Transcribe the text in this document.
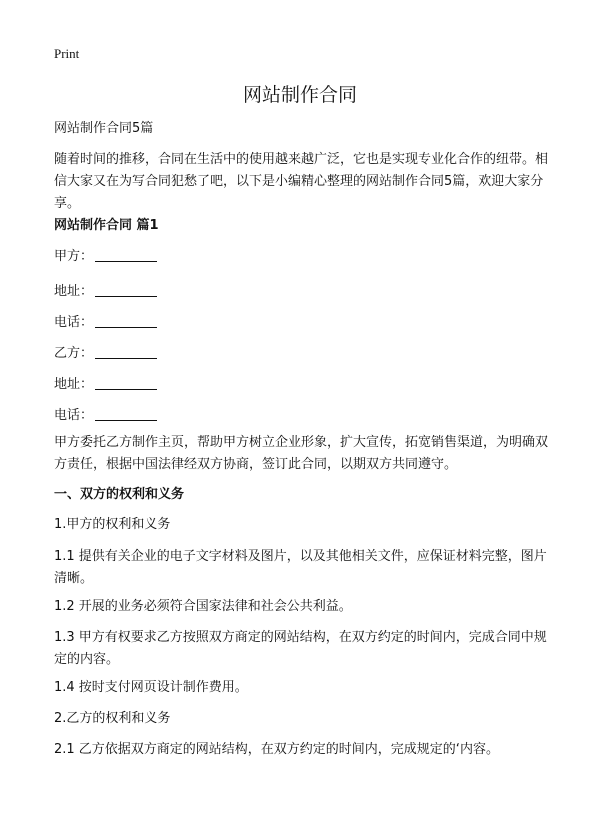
Print
网站制作合同
网站制作合同5篇
随着时间的推移，合同在生活中的使用越来越广泛，它也是实现专业化合作的纽带。相信大家又在为写合同犯愁了吧，以下是小编精心整理的网站制作合同5篇，欢迎大家分享。
网站制作合同 篇1
甲方：
地址：
电话：
乙方：
地址：
电话：
甲方委托乙方制作主页，帮助甲方树立企业形象，扩大宣传，拓宽销售渠道，为明确双方责任，根据中国法律经双方协商，签订此合同，以期双方共同遵守。
一、双方的权利和义务
1.甲方的权利和义务
1.1 提供有关企业的电子文字材料及图片，以及其他相关文件，应保证材料完整，图片清晰。
1.2 开展的业务必须符合国家法律和社会公共利益。
1.3 甲方有权要求乙方按照双方商定的网站结构，在双方约定的时间内，完成合同中规定的内容。
1.4 按时支付网页设计制作费用。
2.乙方的权利和义务
2.1 乙方依据双方商定的网站结构，在双方约定的时间内，完成规定的‘内容。
